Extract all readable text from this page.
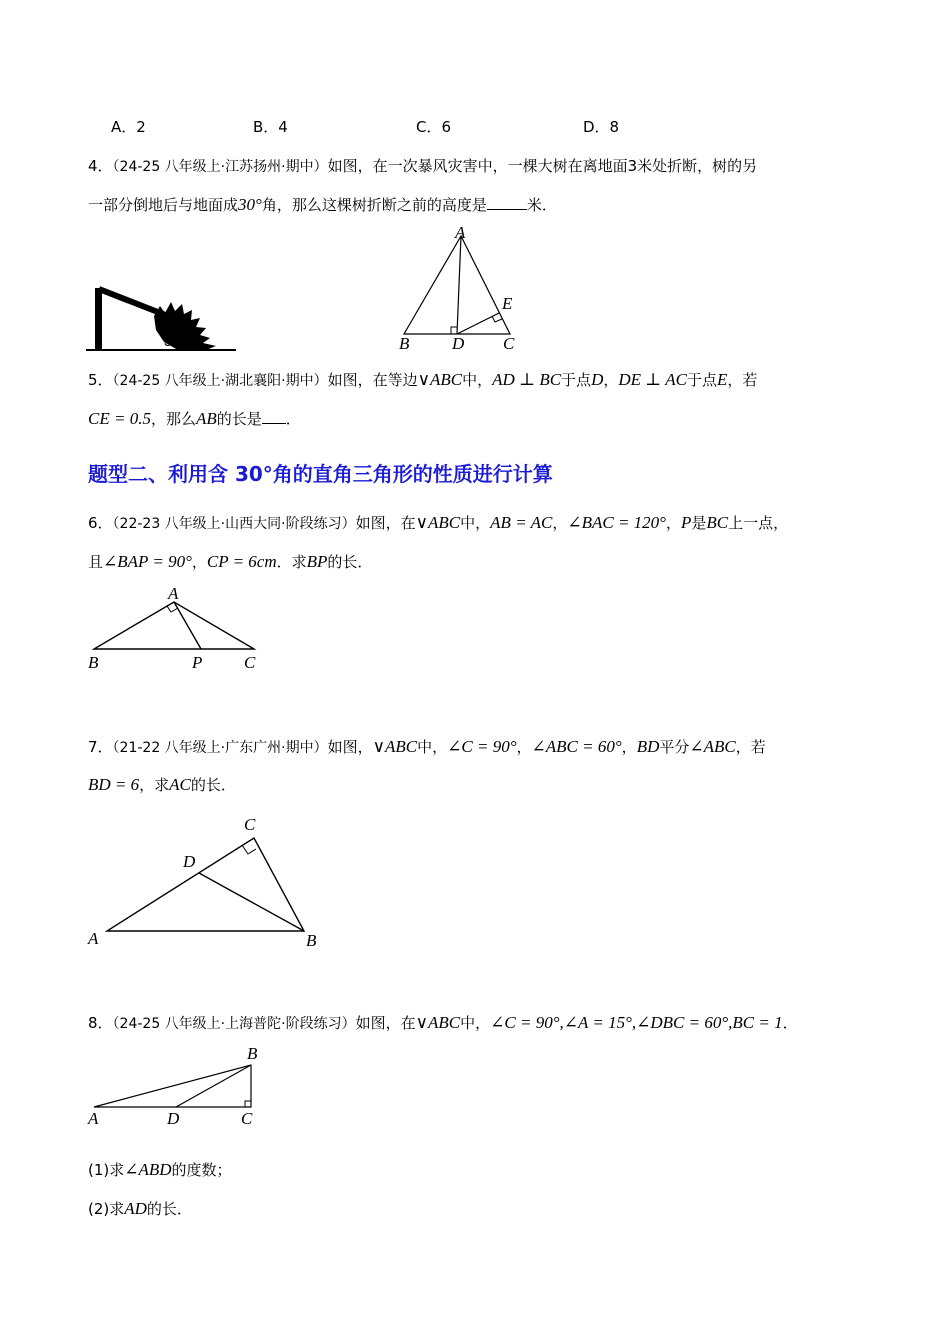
A．2	B．4	C．6	D．8
4．（24-25 八年级上·江苏扬州·期中）如图，在一次暴风灾害中，一棵大树在离地面3米处折断，树的另
一部分倒地后与地面成30°角，那么这棵树折断之前的高度是	米．
30°
A
B	D C
E
5．（24-25 八年级上·湖北襄阳·期中）如图，在等边∨ABC中，AD ⊥ BC于点D，DE ⊥ AC于点E，若
CE = 0.5，那么AB的长是 ．
题型二、利用含 30°角的直角三角形的性质进行计算
6．（22-23 八年级上·山西大同·阶段练习）如图，在∨ABC中，AB = AC，∠BAC = 120°，P是BC上一点，
且∠BAP = 90°，CP = 6cm．求BP的长．
A
B	P C
7．（21-22 八年级上·广东广州·期中）如图，∨ABC中，∠C = 90°，∠ABC = 60°，BD平分∠ABC，若
BD = 6，求AC的长．
C
D
A	B
8．（24-25 八年级上·上海普陀·阶段练习）如图，在∨ABC中，∠C = 90°,∠A = 15°,∠DBC = 60°,BC = 1．
B
A	D	C
(1)求∠ABD的度数；
(2)求AD的长．
